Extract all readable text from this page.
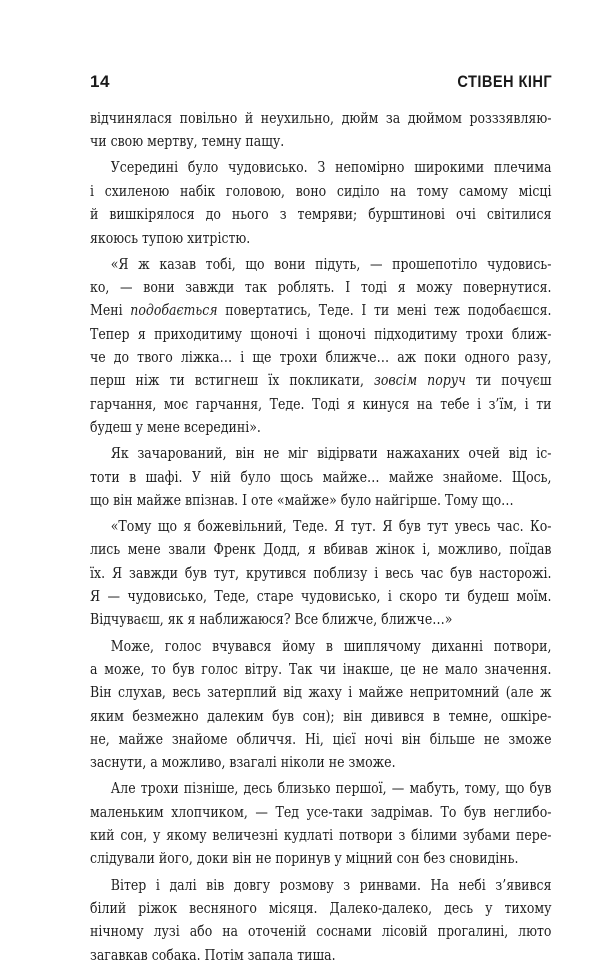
14	СТІВЕН КІНГ
відчинялася повільно й неухильно, дюйм за дюймом розззявляю-
чи свою мертву, темну пащу.
Усередині було чудовисько. З непомірно широкими плечима
і схиленою набік головою, воно сиділо на тому самому місці
й вишкірялося до нього з темряви; бурштинові очі світилися
якоюсь тупою хитрістю.
«Я ж казав тобі, що вони підуть, — прошепотіло чудовись-
ко, — вони завжди так роблять. І тоді я можу повернутися.
Мені подобається повертатись, Теде. І ти мені теж подобаєшся.
Тепер я приходитиму щоночі і щоночі підходитиму трохи ближ-
че до твого ліжка… і ще трохи ближче… аж поки одного разу,
перш ніж ти встигнеш їх покликати, зовсім поруч ти почуєш
гарчання, моє гарчання, Теде. Тоді я кинуся на тебе і з’їм, і ти
будеш у мене всередині».
Як зачарований, він не міг відірвати нажаханих очей від іс-
тоти в шафі. У ній було щось майже… майже знайоме. Щось,
що він майже впізнав. І оте «майже» було найгірше. Тому що…
«Тому що я божевільний, Теде. Я тут. Я був тут увесь час. Ко-
лись мене звали Френк Додд, я вбивав жінок і, можливо, поїдав
їх. Я завжди був тут, крутився поблизу і весь час був насторожі.
Я — чудовисько, Теде, старе чудовисько, і скоро ти будеш моїм.
Відчуваєш, як я наближаюся? Все ближче, ближче…»
Може, голос вчувався йому в шиплячому диханні потвори,
а може, то був голос вітру. Так чи інакше, це не мало значення.
Він слухав, весь затерплий від жаху і майже непритомний (але ж
яким безмежно далеким був сон); він дивився в темне, ошкіре-
не, майже знайоме обличчя. Ні, цієї ночі він більше не зможе
заснути, а можливо, взагалі ніколи не зможе.
Але трохи пізніше, десь близько першої, — мабуть, тому, що був
маленьким хлопчиком, — Тед усе-таки задрімав. То був неглибо-
кий сон, у якому величезні кудлаті потвори з білими зубами пере-
слідували його, доки він не поринув у міцний сон без сновидінь.
Вітер і далі вів довгу розмову з ринвами. На небі з’явився
білий ріжок весняного місяця. Далеко-далеко, десь у тихому
нічному лузі або на оточеній соснами лісовій прогалині, люто
загавкав собака. Потім запала тиша.
